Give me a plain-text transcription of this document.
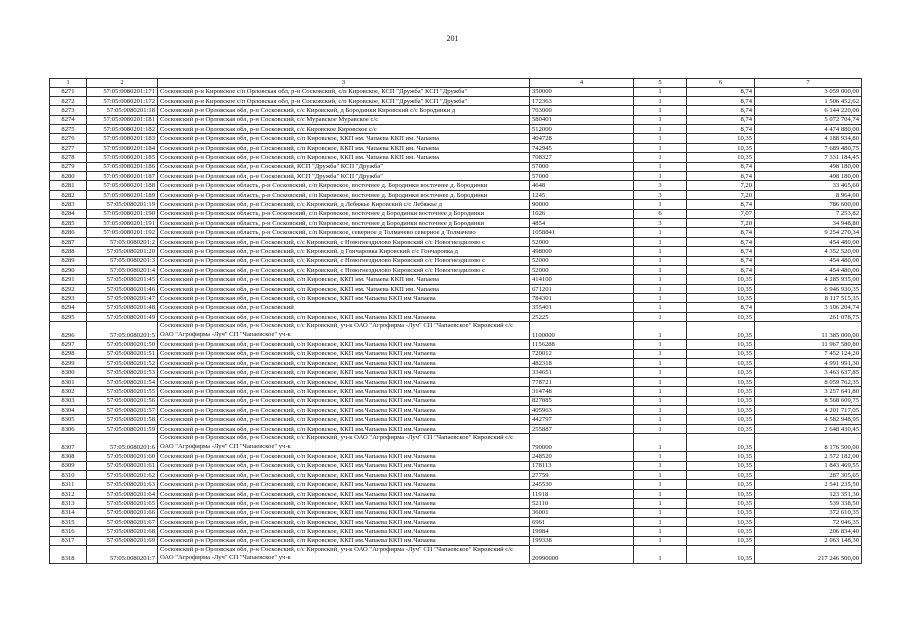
201
1	2	3	4	5	6	7
8271	57:05:0080201:171	Сосковский р-н Кировское с/п Орловская обл, р-н Сосковский, с/п Кировское, КСП "Дружба" КСП "Дружба"	350000	1	8,74	3 059 000,00
8272	57:05:0080201:172	Сосковский р-н Кировское с/п Орловская обл, р-н Сосковский, с/п Кировское, КСП "Дружба" КСП "Дружба"	172363	1	8,74	1 506 452,62
8273	57:05:0080201:18	Сосковский р-н Орловская обл, р-н Сосковский, с/с Кировский, д Бородинки Кировский с/с Бородинки д	703000	1	8,74	6 144 220,00
8274	57:05:0080201:181	Сосковский р-н Орловская обл, р-н Сосковский, с/с Муравское Муравское с/с	580401	1	8,74	5 072 704,74
8275	57:05:0080201:182	Сосковский р-н Орловская обл, р-н Сосковский, с/с Кировское Кировское с/с	512000	1	8,74	4 474 880,00
8276	57:05:0080201:183	Сосковский р-н Орловская обл, р-н Сосковский, с/п Кировское, ККП им. Чапаева ККП им. Чапаева	404728	1	10,35	4 188 934,80
8277	57:05:0080201:184	Сосковский р-н Орловская обл, р-н Сосковский, с/п Кировское, ККП им. Чапаева ККП им. Чапаева	742945	1	10,35	7 689 480,75
8278	57:05:0080201:185	Сосковский р-н Орловская обл, р-н Сосковский, с/п Кировское, ККП им. Чапаева ККП им. Чапаева	708327	1	10,35	7 331 184,45
8279	57:05:0080201:186	Сосковский р-н Орловская обл, р-н Сосковский, КСП "Дружба" КСП "Дружба"	57000	1	8,74	498 180,00
8280	57:05:0080201:187	Сосковский р-н Орловская обл, р-н Сосковский, КСП "Дружба" КСП "Дружба"	57000	1	8,74	498 180,00
8281	57:05:0080201:188	Сосковский р-н Орловская область, р-н Сосковский, с/п Кировское, восточнее д. Бородинки восточнее д. Бородинки	4648	3	7,20	33 465,60
8282	57:05:0080201:189	Сосковский р-н Орловская область, р-н Сосковский, с/п Кировское, восточнее д. Бородинки восточнее д. Бородинки	1245	3	7,20	8 964,00
8283	57:05:0080201:19	Сосковский р-н Орловская обл, р-н Сосковский, с/с Кировский, д Лебяжье Кировский с/с Лебяжье д	90000	1	8,74	786 600,00
8284	57:05:0080201:190	Сосковский р-н Орловская область, р-н Сосковский, с/п Кировское, восточнее д Бородинки восточнее д Бородинки	1026	6	7,07	7 253,82
8285	57:05:0080201:191	Сосковский р-н Орловская область, р-н Сосковский, с/п Кировское, восточнее д Бородинки восточнее д Бородинки	4854	3	7,20	34 948,80
8286	57:05:0080201:192	Сосковский р-н Орловская область, р-н Сосковский, с/п Кировское, северное д Толмачево северное д Толмачево	1058841	1	8,74	9 254 270,34
8287	57:05:0080201:2	Сосковский р-н Орловская обл, р-н Сосковский, с/с Кировский, с Новогнездилово Кировский с/с Новогнездилово с	52000	1	8,74	454 480,00
8288	57:05:0080201:20	Сосковский р-н Орловская обл, р-н Сосковский, с/с Кировский, д Гончаровка Кировский с/с Гончаровка д	498000	1	8,74	4 352 520,00
8289	57:05:0080201:3	Сосковский р-н Орловская обл, р-н Сосковский, с/с Кировский, с Новогнездилово Кировский с/с Новогнездилово с	52000	1	8,74	454 480,00
8290	57:05:0080201:4	Сосковский р-н Орловская обл, р-н Сосковский, с/с Кировский, с Новогнездилово Кировский с/с Новогнездилово с	52000	1	8,74	454 480,00
8291	57:05:0080201:45	Сосковский р-н Орловская обл, р-н Сосковский, с/п Кировское, ККП им. Чапаева ККП им. Чапаева	414100	1	10,35	4 285 935,00
8292	57:05:0080201:46	Сосковский р-н Орловская обл, р-н Сосковский, с/п Кировское, ККП им. Чапаева ККП им. Чапаева	671201	1	10,35	6 946 930,35
8293	57:05:0080201:47	Сосковский р-н Орловская обл, р-н Сосковский, с/п Кировское, ККП им Чапаева ККП им Чапаева	784301	1	10,35	8 117 515,35
8294	57:05:0080201:48	Сосковский р-н Орловская обл, р-н Сосковский	355401	1	8,74	3 106 204,74
8295	57:05:0080201:49	Сосковский р-н Орловская обл, р-н Сосковский, с/п Кировское, ККП им.Чапаева ККП им.Чапаева	25225	1	10,35	261 078,75
8296	57:05:0080201:5	Сосковский р-н Орловская обл, р-н Сосковский, с/с Кировский, уч-к ОАО "Агрофирма -Луч" СП "Чапаевское" Кировский с/с ОАО "Агрофирма -Луч" СП "Чапаевское" уч-к	1100000	1	10,35	11 385 000,00
8297	57:05:0080201:50	Сосковский р-н Орловская обл, р-н Сосковский, с/п Кировское, ККП им.Чапаева ККП им.Чапаева	1156288	1	10,35	11 967 580,80
8298	57:05:0080201:51	Сосковский р-н Орловская обл, р-н Сосковский, с/п Кировское, ККП им.Чапаева ККП им.Чапаева	720012	1	10,35	7 452 124,20
8299	57:05:0080201:52	Сосковский р-н Орловская обл, р-н Сосковский, с/п Кировское, ККП им.Чапаева ККП им.Чапаева	482318	1	10,35	4 991 991,30
8300	57:05:0080201:53	Сосковский р-н Орловская обл, р-н Сосковский, с/п Кировское, ККП им.Чапаева ККП им.Чапаева	334651	1	10,35	3 463 637,85
8301	57:05:0080201:54	Сосковский р-н Орловская обл, р-н Сосковский, с/п Кировское, ККП им.Чапаева ККП им.Чапаева	778721	1	10,35	8 059 762,35
8302	57:05:0080201:55	Сосковский р-н Орловская обл, р-н Сосковский, с/п Кировское, ККП им.Чапаева ККП им.Чапаева	314748	1	10,35	3 257 641,80
8303	57:05:0080201:56	Сосковский р-н Орловская обл, р-н Сосковский, с/п Кировское, ККП им.Чапаева ККП им.Чапаева	827885	1	10,35	8 568 609,75
8304	57:05:0080201:57	Сосковский р-н Орловская обл, р-н Сосковский, с/п Кировское, ККП им.Чапаева ККП им.Чапаева	405963	1	10,35	4 201 717,05
8305	57:05:0080201:58	Сосковский р-н Орловская обл, р-н Сосковский, с/п Кировское, ККП им.Чапаева ККП им.Чапаева	442797	1	10,35	4 582 948,95
8306	57:05:0080201:59	Сосковский р-н Орловская обл, р-н Сосковский, с/п Кировское, ККП им.Чапаева ККП им.Чапаева	255887	1	10,35	2 648 430,45
8307	57:05:0080201:6	Сосковский р-н Орловская обл, р-н Сосковский, с/с Кировский, уч-к ОАО "Агрофирма -Луч" СП "Чапаевское" Кировский с/с ОАО "Агрофирма -Луч" СП "Чапаевское" уч-к	790000	1	10,35	8 176 500,00
8308	57:05:0080201:60	Сосковский р-н Орловская обл, р-н Сосковский, с/п Кировское, ККП им.Чапаева ККП им.Чапаева	248520	1	10,35	2 572 182,00
8309	57:05:0080201:61	Сосковский р-н Орловская обл, р-н Сосковский, с/п Кировское, ККП им.Чапаева ККП им.Чапаева	178113	1	10,35	1 843 469,55
8310	57:05:0080201:62	Сосковский р-н Орловская обл, р-н Сосковский, с/п Кировское, ККП им.Чапаева ККП им.Чапаева	27759	1	10,35	287 305,65
8311	57:05:0080201:63	Сосковский р-н Орловская обл, р-н Сосковский, с/п Кировское, ККП им.Чапаева ККП им.Чапаева	245530	1	10,35	2 541 235,50
8312	57:05:0080201:64	Сосковский р-н Орловская обл, р-н Сосковский, с/п Кировское, ККП им.Чапаева ККП им.Чапаева	11918	1	10,35	123 351,30
8313	57:05:0080201:65	Сосковский р-н Орловская обл, р-н Сосковский, с/п Кировское, ККП им.Чапаева ККП им.Чапаева	52110	1	10,35	539 338,50
8314	57:05:0080201:66	Сосковский р-н Орловская обл, р-н Сосковский, с/п Кировское, ККП им.Чапаева ККП им.Чапаева	36001	1	10,35	372 610,35
8315	57:05:0080201:67	Сосковский р-н Орловская обл, р-н Сосковский, с/п Кировское, ККП им.Чапаева ККП им.Чапаева	6961	1	10,35	72 046,35
8316	57:05:0080201:68	Сосковский р-н Орловская обл, р-н Сосковский, с/п Кировское, ККП им.Чапаева ККП им.Чапаева	19984	1	10,35	206 834,40
8317	57:05:0080201:69	Сосковский р-н Орловская обл, р-н Сосковский, с/п Кировское, ККП им.Чапаева ККП им.Чапаева	199338	1	10,35	2 063 148,30
8318	57:05:0080201:7	Сосковский р-н Орловская обл, р-н Сосковский, с/с Кировский, уч-к ОАО "Агрофирма -Луч" СП "Чапаевское" Кировский с/с ОАО "Агрофирма -Луч" СП "Чапаевское" уч-к	20990000	1	10,35	217 246 500,00
